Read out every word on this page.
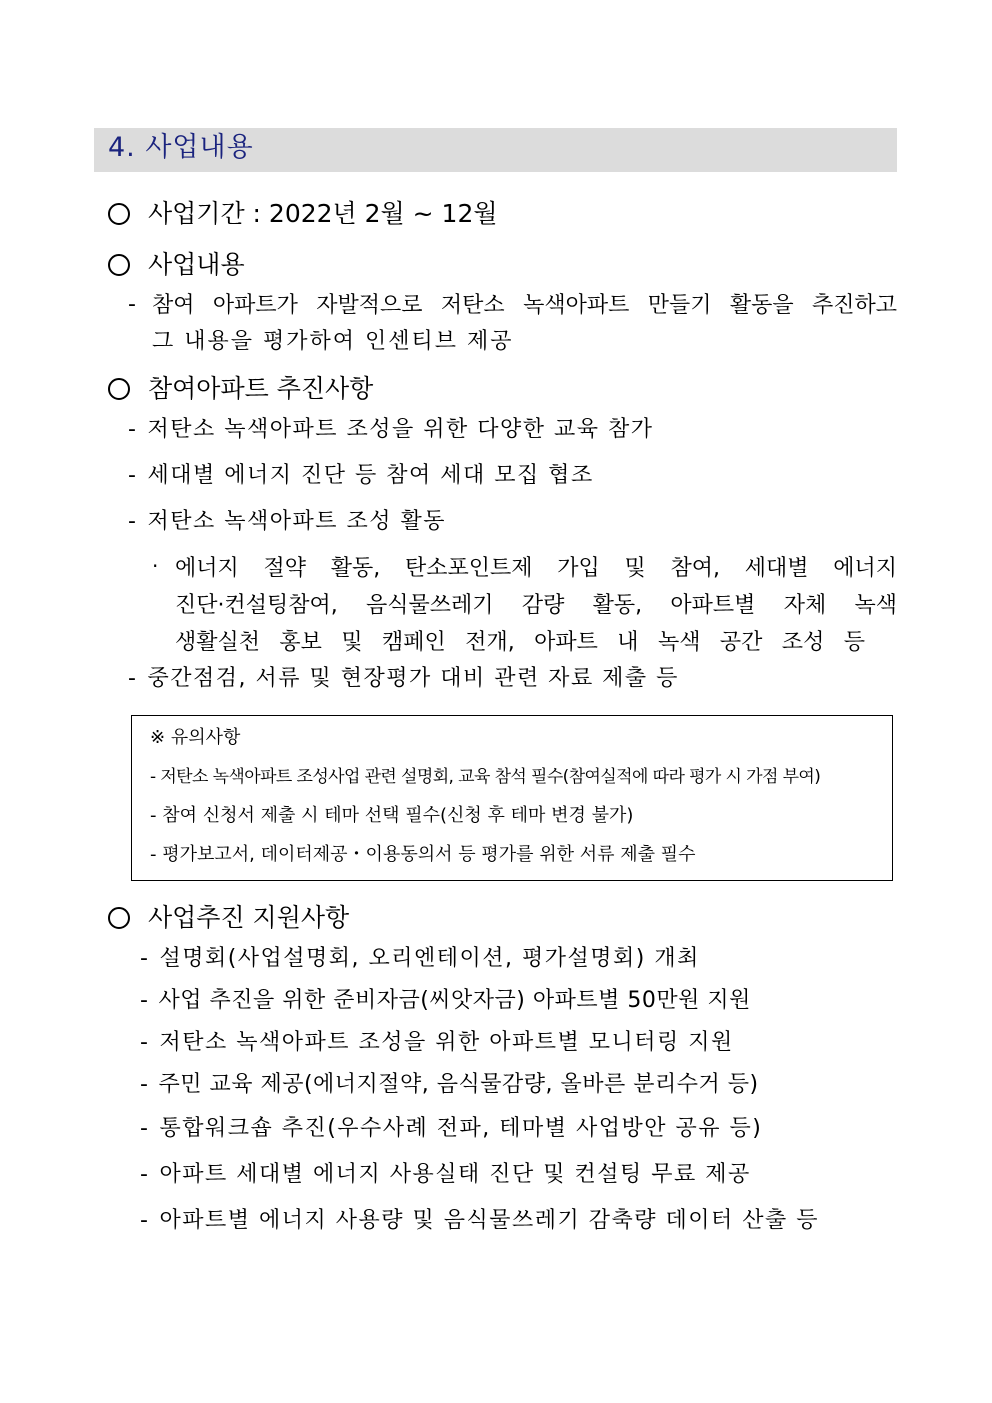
4. 사업내용
사업기간 : 2022년 2월 ~ 12월
사업내용
- 참여 아파트가 자발적으로 저탄소 녹색아파트 만들기 활동을 추진하고
그 내용을 평가하여 인센티브 제공
참여아파트 추진사항
- 저탄소 녹색아파트 조성을 위한 다양한 교육 참가
- 세대별 에너지 진단 등 참여 세대 모집 협조
- 저탄소 녹색아파트 조성 활동
· 에너지 절약 활동, 탄소포인트제 가입 및 참여, 세대별 에너지
진단·컨설팅참여, 음식물쓰레기 감량 활동, 아파트별 자체 녹색
생활실천 홍보 및 캠페인 전개, 아파트 내 녹색 공간 조성 등
- 중간점검, 서류 및 현장평가 대비 관련 자료 제출 등
※ 유의사항
- 저탄소 녹색아파트 조성사업 관련 설명회, 교육 참석 필수(참여실적에 따라 평가 시 가점 부여)
- 참여 신청서 제출 시 테마 선택 필수(신청 후 테마 변경 불가)
- 평가보고서, 데이터제공・이용동의서 등 평가를 위한 서류 제출 필수
사업추진 지원사항
- 설명회(사업설명회, 오리엔테이션, 평가설명회) 개최
- 사업 추진을 위한 준비자금(씨앗자금) 아파트별 50만원 지원
- 저탄소 녹색아파트 조성을 위한 아파트별 모니터링 지원
- 주민 교육 제공(에너지절약, 음식물감량, 올바른 분리수거 등)
- 통합워크숍 추진(우수사례 전파, 테마별 사업방안 공유 등)
- 아파트 세대별 에너지 사용실태 진단 및 컨설팅 무료 제공
- 아파트별 에너지 사용량 및 음식물쓰레기 감축량 데이터 산출 등
